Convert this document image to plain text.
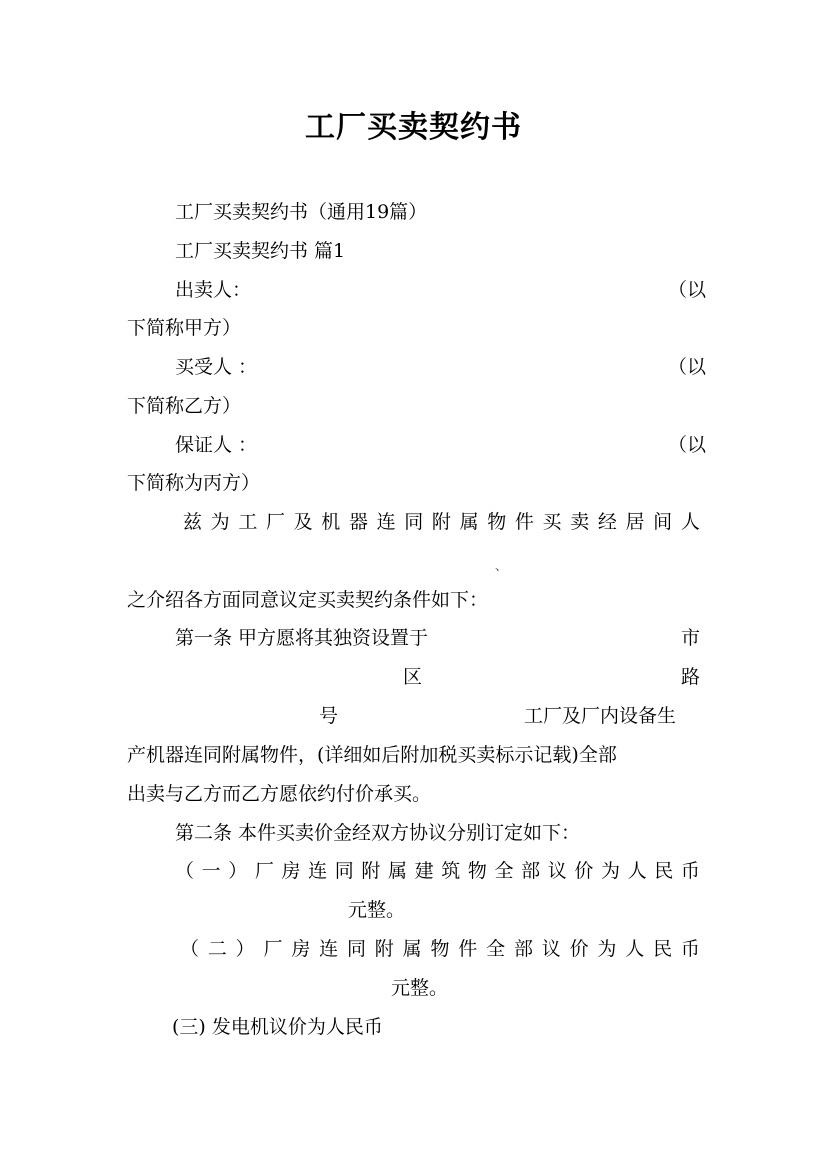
工厂买卖契约书
工厂买卖契约书（通用19篇）
工厂买卖契约书 篇1
出卖人：	（以
下简称甲方）
买受人 ：	（以
下简称乙方）
保证人 ：	（以
下简称为丙方）
兹 为 工 厂 及 机 器 连 同 附 属 物 件 买 卖 经 居 间 人
、
之介绍各方面同意议定买卖契约条件如下：
第一条 甲方愿将其独资设置于	市
区	路
号	工厂及厂内设备生
产机器连同附属物件，(详细如后附加税买卖标示记载)全部
出卖与乙方而乙方愿依约付价承买。
第二条 本件买卖价金经双方协议分别订定如下：
（ 一 ） 厂 房 连 同 附 属 建 筑 物 全 部 议 价 为 人 民 币
元整。
（ 二 ） 厂 房 连 同 附 属 物 件 全 部 议 价 为 人 民 币
元整。
(三) 发电机议价为人民币
